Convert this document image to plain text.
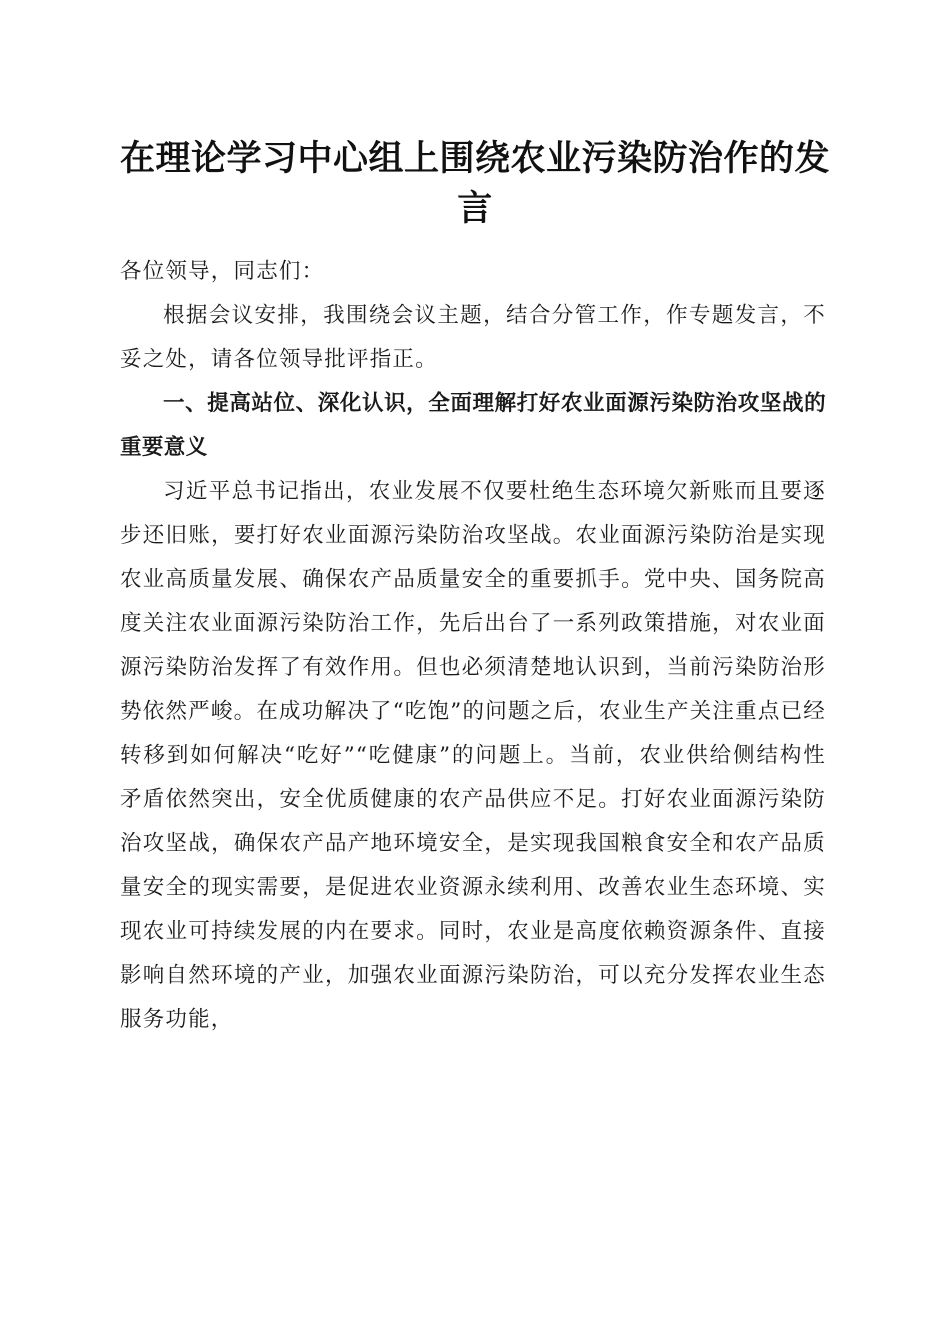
在理论学习中心组上围绕农业污染防治作的发言

各位领导，同志们：

根据会议安排，我围绕会议主题，结合分管工作，作专题发言，不妥之处，请各位领导批评指正。

一、提高站位、深化认识，全面理解打好农业面源污染防治攻坚战的重要意义

习近平总书记指出，农业发展不仅要杜绝生态环境欠新账而且要逐步还旧账，要打好农业面源污染防治攻坚战。农业面源污染防治是实现农业高质量发展、确保农产品质量安全的重要抓手。党中央、国务院高度关注农业面源污染防治工作，先后出台了一系列政策措施，对农业面源污染防治发挥了有效作用。但也必须清楚地认识到，当前污染防治形势依然严峻。在成功解决了“吃饱”的问题之后，农业生产关注重点已经转移到如何解决“吃好”“吃健康”的问题上。当前，农业供给侧结构性矛盾依然突出，安全优质健康的农产品供应不足。打好农业面源污染防治攻坚战，确保农产品产地环境安全，是实现我国粮食安全和农产品质量安全的现实需要，是促进农业资源永续利用、改善农业生态环境、实现农业可持续发展的内在要求。同时，农业是高度依赖资源条件、直接影响自然环境的产业，加强农业面源污染防治，可以充分发挥农业生态服务功能，
